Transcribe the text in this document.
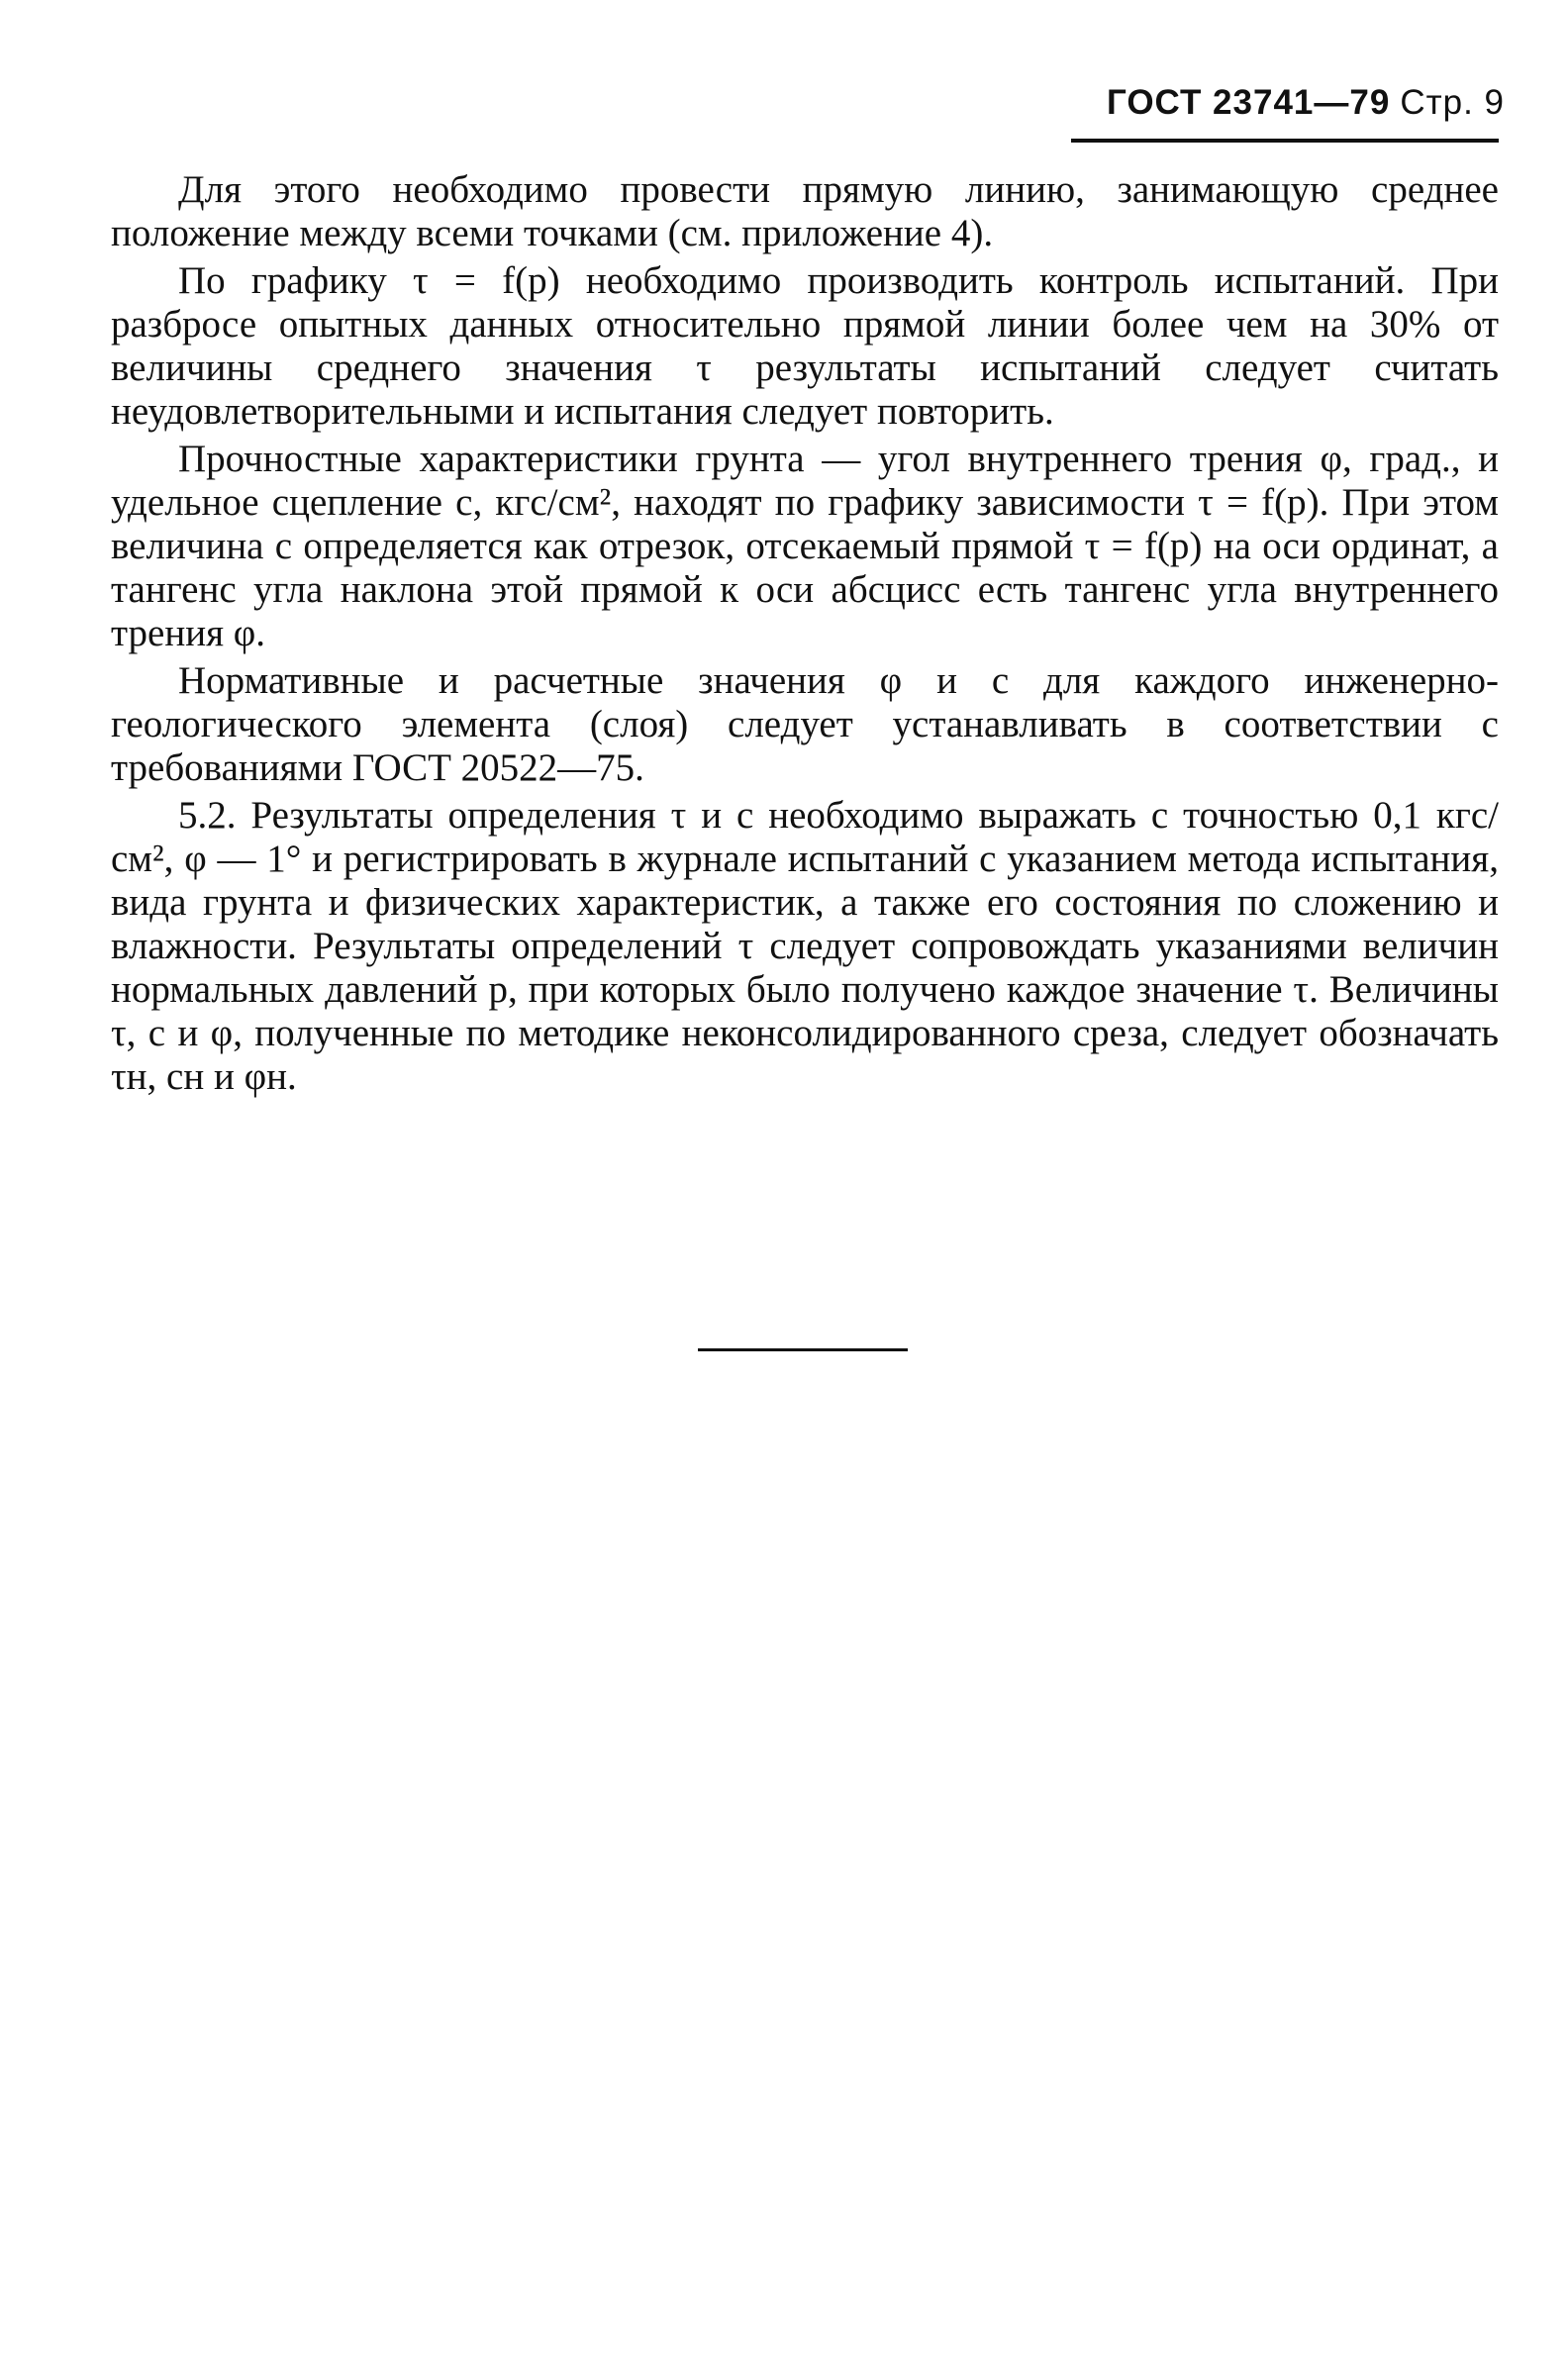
ГОСТ 23741—79 Стр. 9

Для этого необходимо провести прямую линию, занимающую среднее положение между всеми точками (см. приложение 4).

По графику τ = f(p) необходимо производить контроль испытаний. При разбросе опытных данных относительно прямой линии более чем на 30% от величины среднего значения τ результаты испытаний следует считать неудовлетворительными и испытания следует повторить.

Прочностные характеристики грунта — угол внутреннего трения φ, град., и удельное сцепление с, кгс/см², находят по графику зависимости τ = f(p). При этом величина с определяется как отрезок, отсекаемый прямой τ = f(p) на оси ординат, а тангенс угла наклона этой прямой к оси абсцисс есть тангенс угла внутреннего трения φ.

Нормативные и расчетные значения φ и с для каждого инженерно-геологического элемента (слоя) следует устанавливать в соответствии с требованиями ГОСТ 20522—75.

5.2. Результаты определения τ и с необходимо выражать с точностью 0,1 кгс/см², φ — 1° и регистрировать в журнале испытаний с указанием метода испытания, вида грунта и физических характеристик, а также его состояния по сложению и влажности. Результаты определений τ следует сопровождать указаниями величин нормальных давлений p, при которых было получено каждое значение τ. Величины τ, с и φ, полученные по методике неконсолидированного среза, следует обозначать τн, сн и φн.
